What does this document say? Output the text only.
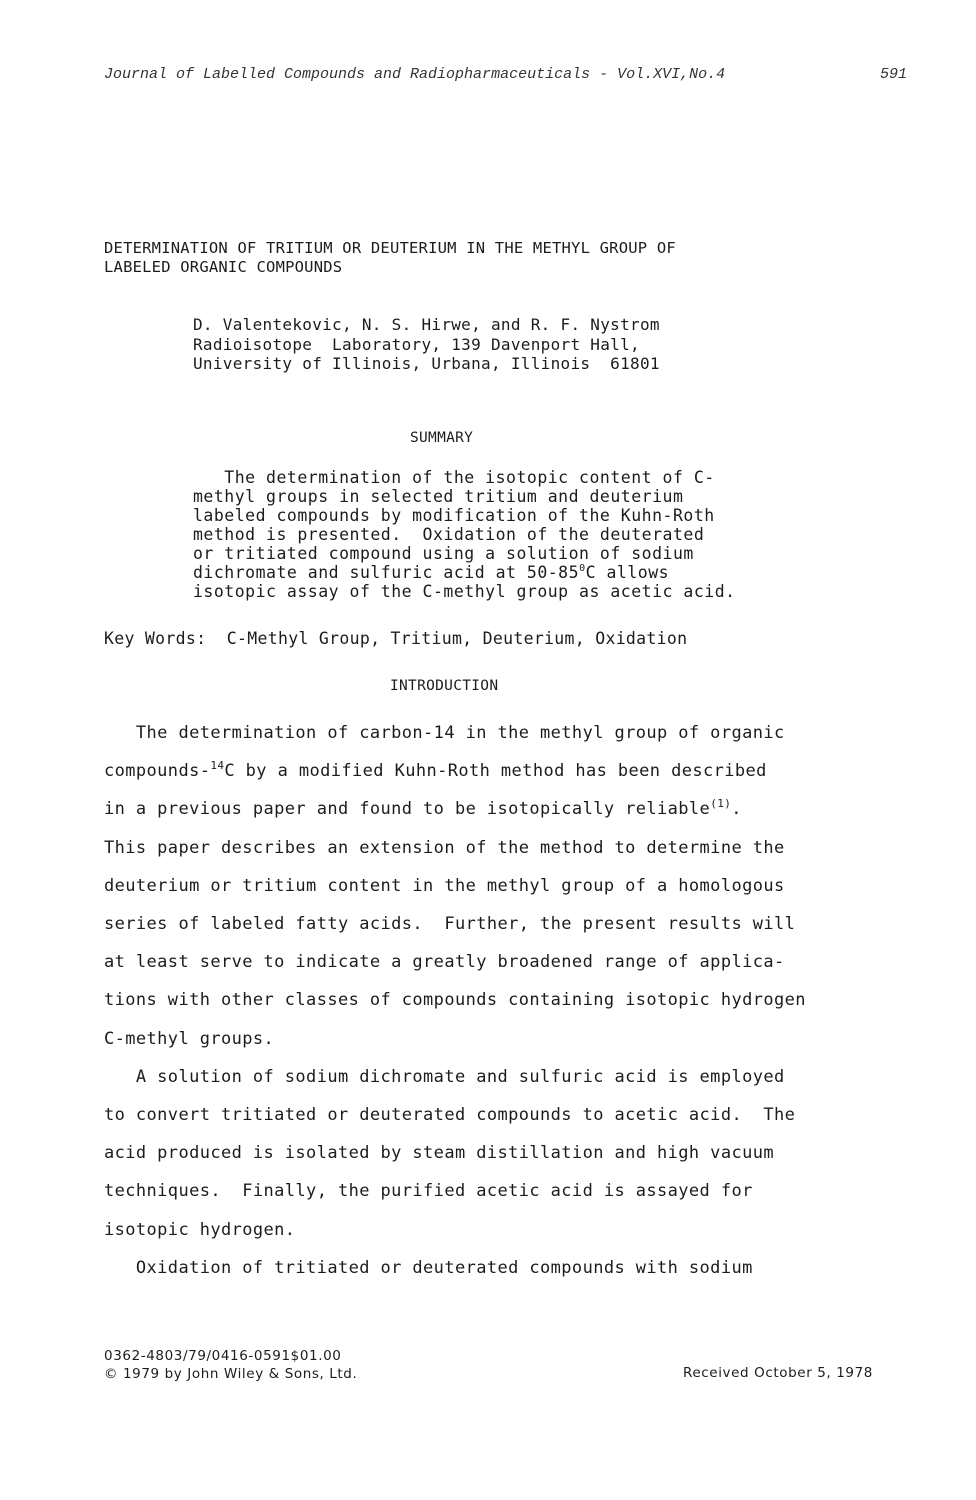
Journal of Labelled Compounds and Radiopharmaceuticals - Vol.XVI,No.4	591
DETERMINATION OF TRITIUM OR DEUTERIUM IN THE METHYL GROUP OF
LABELED ORGANIC COMPOUNDS
D. Valentekovic, N. S. Hirwe, and R. F. Nystrom
Radioisotope  Laboratory, 139 Davenport Hall,
University of Illinois, Urbana, Illinois  61801
SUMMARY
The determination of the isotopic content of C-
methyl groups in selected tritium and deuterium
labeled compounds by modification of the Kuhn-Roth
method is presented.  Oxidation of the deuterated
or tritiated compound using a solution of sodium
dichromate and sulfuric acid at $50-85^0C$ allows
isotopic assay of the C-methyl group as acetic acid.
Key Words:  C-Methyl Group, Tritium, Deuterium, Oxidation
INTRODUCTION
The determination of carbon-14 in the methyl group of organic
compounds-$^{14}$C by a modified Kuhn-Roth method has been described
in a previous paper and found to be isotopically reliable$^{(1)}$.
This paper describes an extension of the method to determine the
deuterium or tritium content in the methyl group of a homologous
series of labeled fatty acids.  Further, the present results will
at least serve to indicate a greatly broadened range of applica-
tions with other classes of compounds containing isotopic hydrogen
C-methyl groups.
A solution of sodium dichromate and sulfuric acid is employed
to convert tritiated or deuterated compounds to acetic acid.  The
acid produced is isolated by steam distillation and high vacuum
techniques.  Finally, the purified acetic acid is assayed for
isotopic hydrogen.
Oxidation of tritiated or deuterated compounds with sodium
0362-4803/79/0416-0591$01.00
© 1979 by John Wiley & Sons, Ltd.	Received October 5, 1978
